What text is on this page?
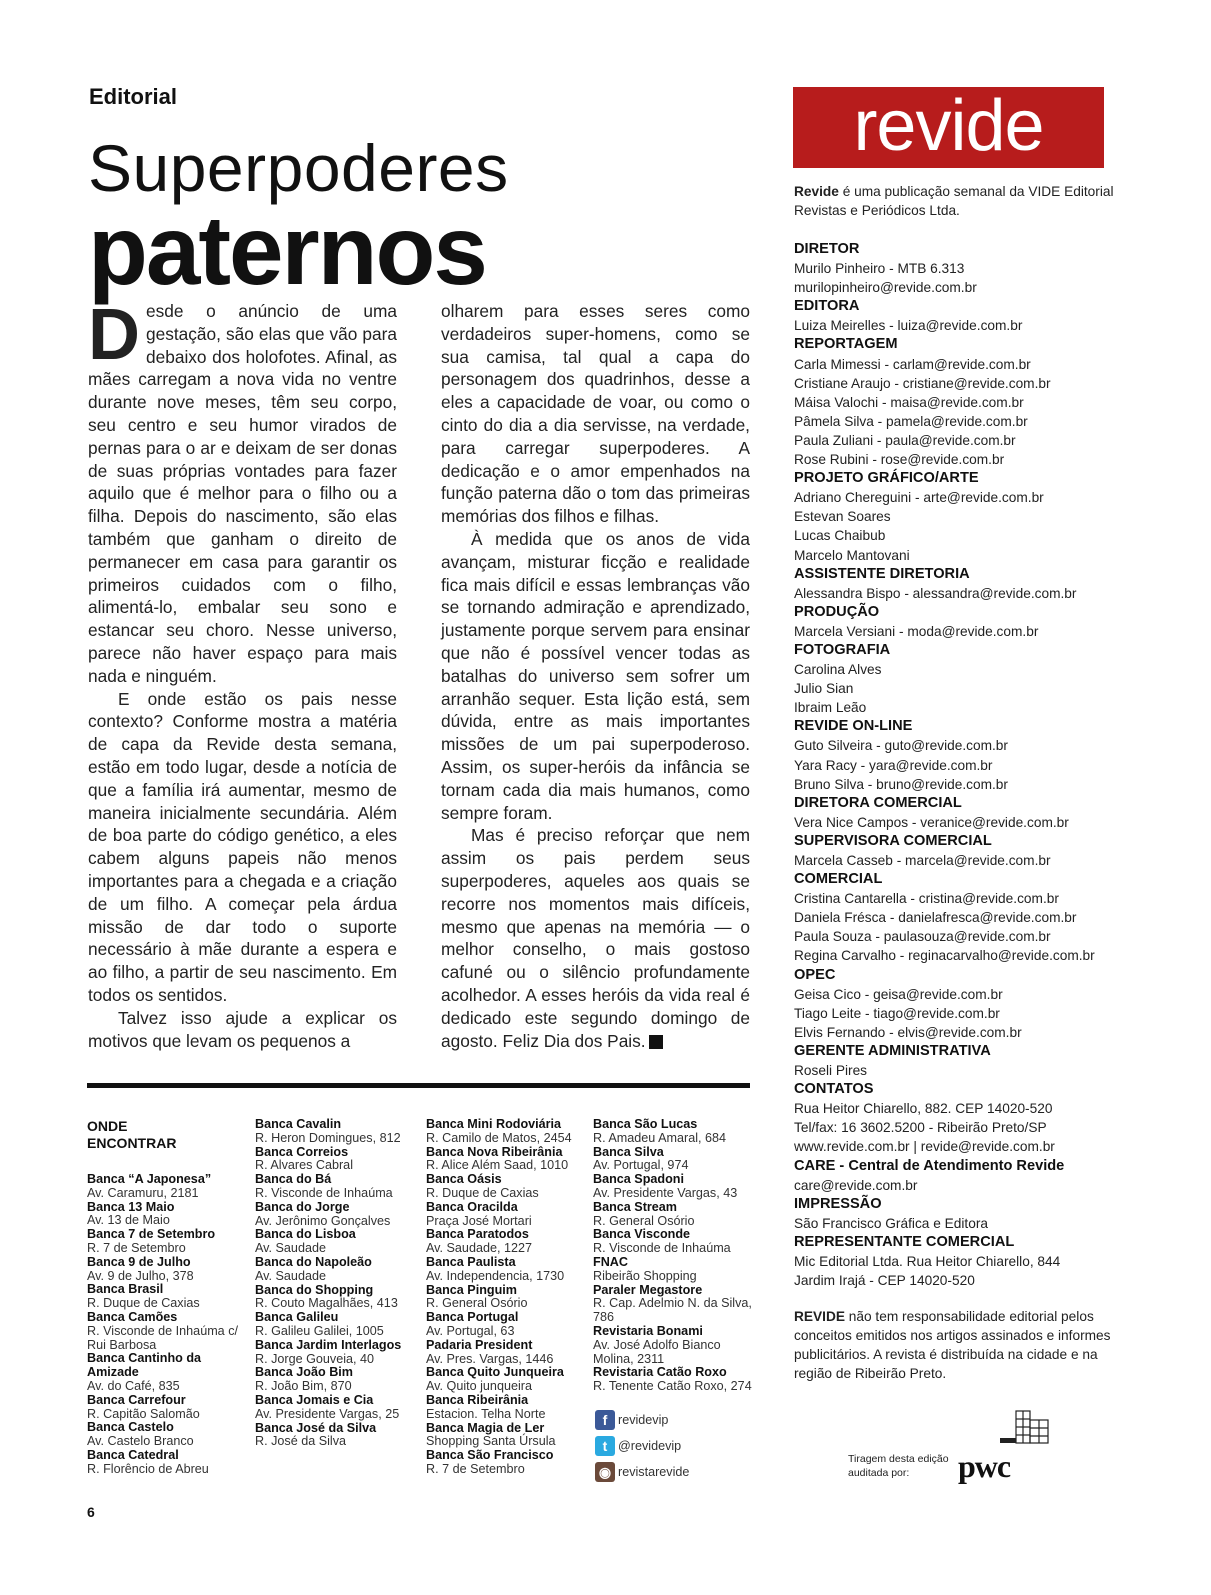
Editorial
Superpoderes
paternos

Desde o anúncio de uma gestação, são elas que vão para debaixo dos holofotes. Afinal, as mães carregam a nova vida no ventre durante nove meses, têm seu corpo, seu centro e seu humor virados de pernas para o ar e deixam de ser donas de suas próprias vontades para fazer aquilo que é melhor para o filho ou a filha. Depois do nascimento, são elas também que ganham o direito de permanecer em casa para garantir os primeiros cuidados com o filho, alimentá-lo, embalar seu sono e estancar seu choro. Nesse universo, parece não haver espaço para mais nada e ninguém.

E onde estão os pais nesse contexto? Conforme mostra a matéria de capa da Revide desta semana, estão em todo lugar, desde a notícia de que a família irá aumentar, mesmo de maneira inicialmente secundária. Além de boa parte do código genético, a eles cabem alguns papeis não menos importantes para a chegada e a criação de um filho. A começar pela árdua missão de dar todo o suporte necessário à mãe durante a espera e ao filho, a partir de seu nascimento. Em todos os sentidos.

Talvez isso ajude a explicar os motivos que levam os pequenos a

olharem para esses seres como verdadeiros super-homens, como se sua camisa, tal qual a capa do personagem dos quadrinhos, desse a eles a capacidade de voar, ou como o cinto do dia a dia servisse, na verdade, para carregar superpoderes. A dedicação e o amor empenhados na função paterna dão o tom das primeiras memórias dos filhos e filhas.

À medida que os anos de vida avançam, misturar ficção e realidade fica mais difícil e essas lembranças vão se tornando admiração e aprendizado, justamente porque servem para ensinar que não é possível vencer todas as batalhas do universo sem sofrer um arranhão sequer. Esta lição está, sem dúvida, entre as mais importantes missões de um pai superpoderoso. Assim, os super-heróis da infância se tornam cada dia mais humanos, como sempre foram.

Mas é preciso reforçar que nem assim os pais perdem seus superpoderes, aqueles aos quais se recorre nos momentos mais difíceis, mesmo que apenas na memória — o melhor conselho, o mais gostoso cafuné ou o silêncio profundamente acolhedor. A esses heróis da vida real é dedicado este segundo domingo de agosto. Feliz Dia dos Pais.	r

ONDE ENCONTRAR
Banca “A Japonesa”
Av. Caramuru, 2181
Banca 13 Maio
Av. 13 de Maio
Banca 7 de Setembro
R. 7 de Setembro
Banca 9 de Julho
Av. 9 de Julho, 378
Banca Brasil
R. Duque de Caxias
Banca Camões
R. Visconde de Inhaúma c/ Rui Barbosa
Banca Cantinho da Amizade
Av. do Café, 835
Banca Carrefour
R. Capitão Salomão
Banca Castelo
Av. Castelo Branco
Banca Catedral
R. Florêncio de Abreu
Banca Cavalin
R. Heron Domingues, 812
Banca Correios
R. Alvares Cabral
Banca do Bá
R. Visconde de Inhaúma
Banca do Jorge
Av. Jerônimo Gonçalves
Banca do Lisboa
Av. Saudade
Banca do Napoleão
Av. Saudade
Banca do Shopping
R. Couto Magalhães, 413
Banca Galileu
R. Galileu Galilei, 1005
Banca Jardim Interlagos
R. Jorge Gouveia, 40
Banca João Bim
R. João Bim, 870
Banca Jomais e Cia
Av. Presidente Vargas, 25
Banca José da Silva
R. José da Silva
Banca Mini Rodoviária
R. Camilo de Matos, 2454
Banca Nova Ribeirânia
R. Alice Além Saad, 1010
Banca Oásis
R. Duque de Caxias
Banca Oracilda
Praça José Mortari
Banca Paratodos
Av. Saudade, 1227
Banca Paulista
Av. Independencia, 1730
Banca Pinguim
R. General Osório
Banca Portugal
Av. Portugal, 63
Padaria President
Av. Pres. Vargas, 1446
Banca Quito Junqueira
Av. Quito junqueira
Banca Ribeirânia
Estacion. Telha Norte
Banca Magia de Ler
Shopping Santa Úrsula
Banca São Francisco
R. 7 de Setembro
Banca São Lucas
R. Amadeu Amaral, 684
Banca Silva
Av. Portugal, 974
Banca Spadoni
Av. Presidente Vargas, 43
Banca Stream
R. General Osório
Banca Visconde
R. Visconde de Inhaúma
FNAC
Ribeirão Shopping
Paraler Megastore
R. Cap. Adelmio N. da Silva, 786
Revistaria Bonami
Av. José Adolfo Bianco Molina, 2311
Revistaria Catão Roxo
R. Tenente Catão Roxo, 274
f revidevip
t @revidevip
◉ revistarevide
revide
Revide é uma publicação semanal da VIDE Editorial Revistas e Periódicos Ltda.
DIRETOR
Murilo Pinheiro - MTB 6.313
murilopinheiro@revide.com.br
EDITORA
Luiza Meirelles - luiza@revide.com.br
REPORTAGEM
Carla Mimessi - carlam@revide.com.br
Cristiane Araujo - cristiane@revide.com.br
Máisa Valochi - maisa@revide.com.br
Pâmela Silva - pamela@revide.com.br
Paula Zuliani - paula@revide.com.br
Rose Rubini - rose@revide.com.br
PROJETO GRÁFICO/ARTE
Adriano Chereguini - arte@revide.com.br
Estevan Soares
Lucas Chaibub
Marcelo Mantovani
ASSISTENTE DIRETORIA
Alessandra Bispo - alessandra@revide.com.br
PRODUÇÃO
Marcela Versiani - moda@revide.com.br
FOTOGRAFIA
Carolina Alves
Julio Sian
Ibraim Leão
REVIDE ON-LINE
Guto Silveira - guto@revide.com.br
Yara Racy - yara@revide.com.br
Bruno Silva - bruno@revide.com.br
DIRETORA COMERCIAL
Vera Nice Campos - veranice@revide.com.br
SUPERVISORA COMERCIAL
Marcela Casseb - marcela@revide.com.br
COMERCIAL
Cristina Cantarella - cristina@revide.com.br
Daniela Frésca - danielafresca@revide.com.br
Paula Souza - paulasouza@revide.com.br
Regina Carvalho - reginacarvalho@revide.com.br
OPEC
Geisa Cico - geisa@revide.com.br
Tiago Leite - tiago@revide.com.br
Elvis Fernando - elvis@revide.com.br
GERENTE ADMINISTRATIVA
Roseli Pires
CONTATOS
Rua Heitor Chiarello, 882. CEP 14020-520
Tel/fax: 16 3602.5200 - Ribeirão Preto/SP
www.revide.com.br | revide@revide.com.br
CARE - Central de Atendimento Revide
care@revide.com.br
IMPRESSÃO
São Francisco Gráfica e Editora
REPRESENTANTE COMERCIAL
Mic Editorial Ltda. Rua Heitor Chiarello, 844
Jardim Irajá - CEP 14020-520
REVIDE não tem responsabilidade editorial pelos conceitos emitidos nos artigos assinados e informes publicitários. A revista é distribuída na cidade e na região de Ribeirão Preto.
Tiragem desta edição auditada por:	pwc
6
